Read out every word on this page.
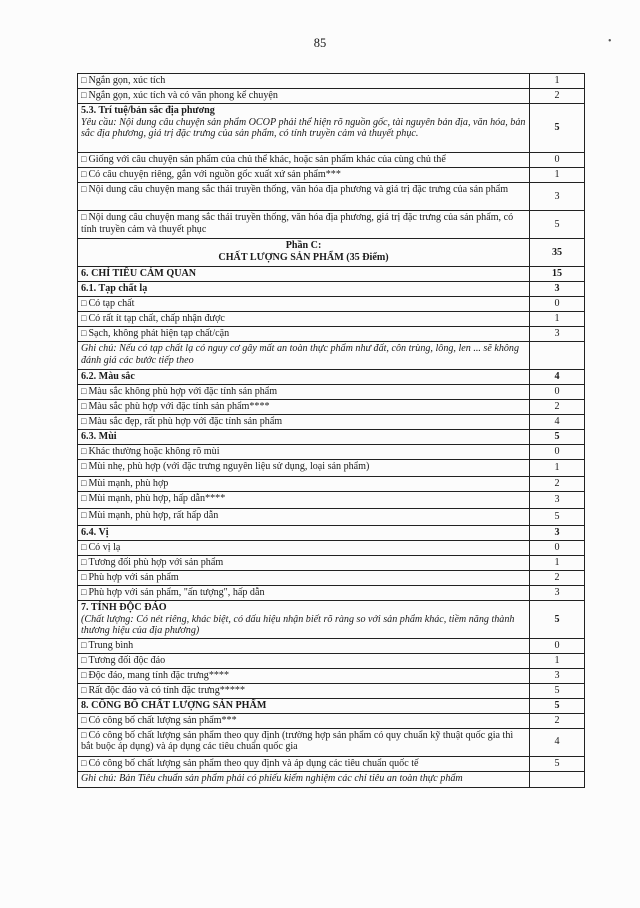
85	•
□ Ngắn gọn, xúc tích	1
□ Ngắn gọn, xúc tích và có văn phong kể chuyện	2

5.3. Trí tuệ/bản sắc địa phương
Yêu cầu: Nội dung câu chuyện sản phẩm OCOP phải thể hiện rõ nguồn gốc, tài nguyên bản địa, văn hóa, bản sắc địa phương, giá trị đặc trưng của sản phẩm, có tính truyền cảm và thuyết phục.	5
□ Giống với câu chuyện sản phẩm của chủ thể khác, hoặc sản phẩm khác của cùng chủ thể	0
□ Có câu chuyện riêng, gắn với nguồn gốc xuất xứ sản phẩm***	1
□ Nội dung câu chuyện mang sắc thái truyền thống, văn hóa địa phương và giá trị đặc trưng của sản phẩm	3
□ Nội dung câu chuyện mang sắc thái truyền thống, văn hóa địa phương, giá trị đặc trưng của sản phẩm, có tính truyền cảm và thuyết phục	5

Phần C:
CHẤT LƯỢNG SẢN PHẨM (35 Điểm)	35
6. CHỈ TIÊU CẢM QUAN	15
6.1. Tạp chất lạ	3
□ Có tạp chất	0
□ Có rất ít tạp chất, chấp nhận được	1
□ Sạch, không phát hiện tạp chất/cặn	3
Ghi chú: Nếu có tạp chất lạ có nguy cơ gây mất an toàn thực phẩm như đất, côn trùng, lông, len ... sẽ không đánh giá các bước tiếp theo	
6.2. Màu sắc	4
□ Màu sắc không phù hợp với đặc tính sản phẩm	0
□ Màu sắc phù hợp với đặc tính sản phẩm****	2
□ Màu sắc đẹp, rất phù hợp với đặc tính sản phẩm	4
6.3. Mùi	5
□ Khác thường hoặc không rõ mùi	0
□ Mùi nhẹ, phù hợp (với đặc trưng nguyên liệu sử dụng, loại sản phẩm)	1
□ Mùi mạnh, phù hợp	2
□ Mùi mạnh, phù hợp, hấp dẫn****	3
□ Mùi mạnh, phù hợp, rất hấp dẫn	5
6.4. Vị	3
□ Có vị lạ	0
□ Tương đối phù hợp với sản phẩm	1
□ Phù hợp với sản phẩm	2
□ Phù hợp với sản phẩm, "ấn tượng", hấp dẫn	3

7. TÍNH ĐỘC ĐÁO
(Chất lượng: Có nét riêng, khác biệt, có dấu hiệu nhận biết rõ ràng so với sản phẩm khác, tiềm năng thành thương hiệu của địa phương)	5
□ Trung bình	0
□ Tương đối độc đáo	1
□ Độc đáo, mang tính đặc trưng****	3
□ Rất độc đáo và có tính đặc trưng*****	5
8. CÔNG BỐ CHẤT LƯỢNG SẢN PHẨM	5
□ Có công bố chất lượng sản phẩm***	2
□ Có công bố chất lượng sản phẩm theo quy định (trường hợp sản phẩm có quy chuẩn kỹ thuật quốc gia thì bắt buộc áp dụng) và áp dụng các tiêu chuẩn quốc gia	4
□ Có công bố chất lượng sản phẩm theo quy định và áp dụng các tiêu chuẩn quốc tế	5
Ghi chú: Bản Tiêu chuẩn sản phẩm phải có phiếu kiểm nghiệm các chỉ tiêu an toàn thực phẩm	
